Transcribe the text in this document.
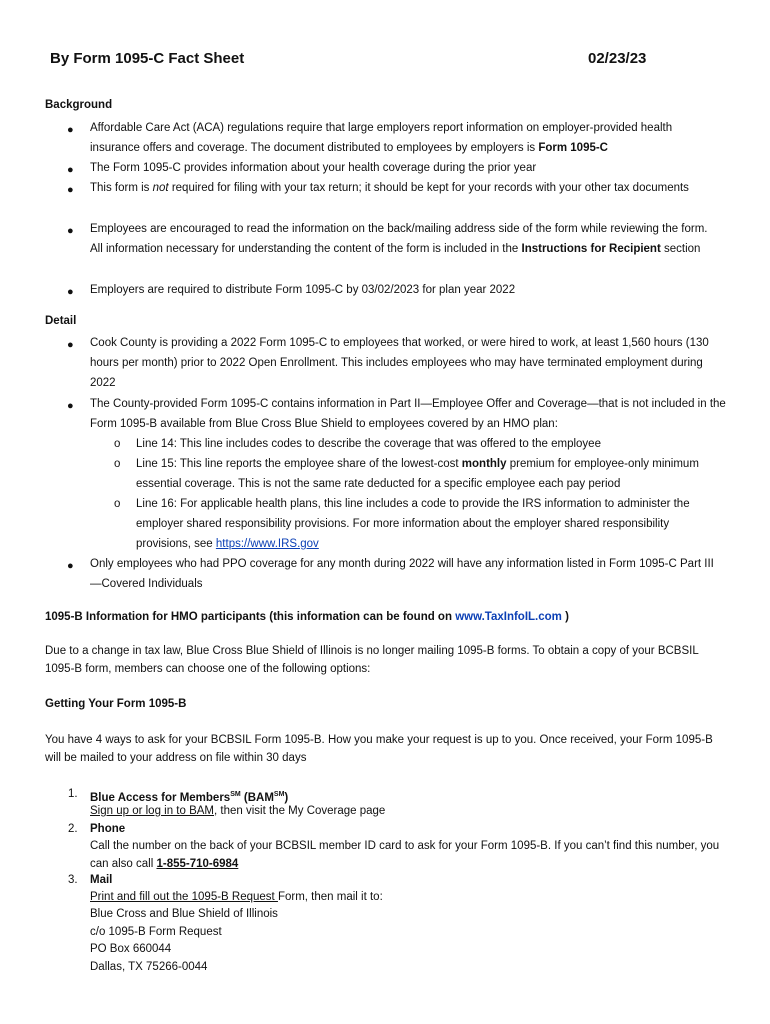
By Form 1095-C Fact Sheet	02/23/23
Background
● Affordable Care Act (ACA) regulations require that large employers report information on employer-provided health insurance offers and coverage. The document distributed to employees by employers is Form 1095-C
● The Form 1095-C provides information about your health coverage during the prior year
● This form is not required for filing with your tax return; it should be kept for your records with your other tax documents
● Employees are encouraged to read the information on the back/mailing address side of the form while reviewing the form. All information necessary for understanding the content of the form is included in the Instructions for Recipient section
● Employers are required to distribute Form 1095-C by 03/02/2023 for plan year 2022
Detail
● Cook County is providing a 2022 Form 1095-C to employees that worked, or were hired to work, at least 1,560 hours (130 hours per month) prior to 2022 Open Enrollment. This includes employees who may have terminated employment during 2022
● The County-provided Form 1095-C contains information in Part II—Employee Offer and Coverage—that is not included in the Form 1095-B available from Blue Cross Blue Shield to employees covered by an HMO plan:
o Line 14: This line includes codes to describe the coverage that was offered to the employee
o Line 15: This line reports the employee share of the lowest-cost monthly premium for employee-only minimum essential coverage. This is not the same rate deducted for a specific employee each pay period
o Line 16: For applicable health plans, this line includes a code to provide the IRS information to administer the employer shared responsibility provisions. For more information about the employer shared responsibility provisions, see https://www.IRS.gov
● Only employees who had PPO coverage for any month during 2022 will have any information listed in Form 1095-C Part III—Covered Individuals
1095-B Information for HMO participants (this information can be found on www.TaxInfoIL.com )
Due to a change in tax law, Blue Cross Blue Shield of Illinois is no longer mailing 1095-B forms. To obtain a copy of your BCBSIL 1095-B form, members can choose one of the following options:
Getting Your Form 1095-B
You have 4 ways to ask for your BCBSIL Form 1095-B. How you make your request is up to you. Once received, your Form 1095-B will be mailed to your address on file within 30 days
1. Blue Access for Members℠ (BAM℠)
Sign up or log in to BAM, then visit the My Coverage page
2. Phone
Call the number on the back of your BCBSIL member ID card to ask for your Form 1095-B. If you can’t find this number, you can also call 1-855-710-6984
3. Mail
Print and fill out the 1095-B Request Form, then mail it to:
Blue Cross and Blue Shield of Illinois
c/o 1095-B Form Request
PO Box 660044
Dallas, TX 75266-0044
